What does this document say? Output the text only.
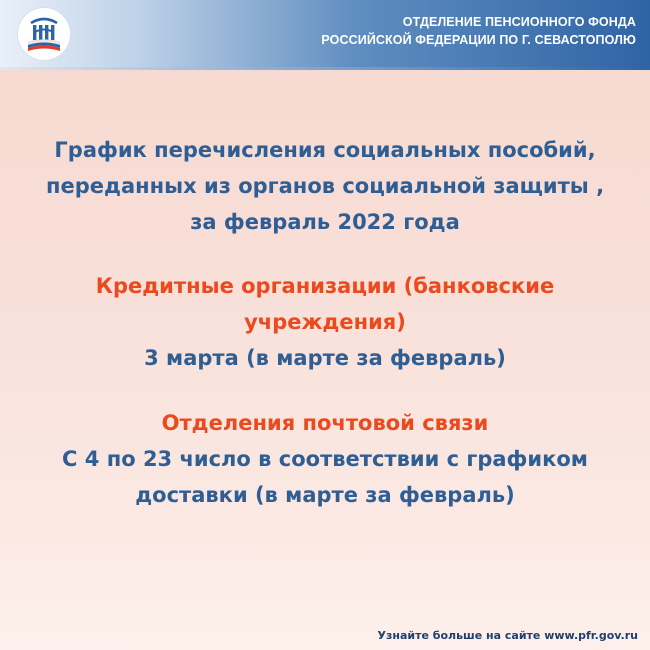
ОТДЕЛЕНИЕ ПЕНСИОННОГО ФОНДА
РОССИЙСКОЙ ФЕДЕРАЦИИ ПО Г. СЕВАСТОПОЛЮ
График перечисления социальных пособий,
переданных из органов социальной защиты ,
за февраль 2022 года
Кредитные организации (банковские
учреждения)
3 марта (в марте за февраль)
Отделения почтовой связи
С 4 по 23 число в соответствии с графиком
доставки (в марте за февраль)
Узнайте больше на сайте www.pfr.gov.ru
